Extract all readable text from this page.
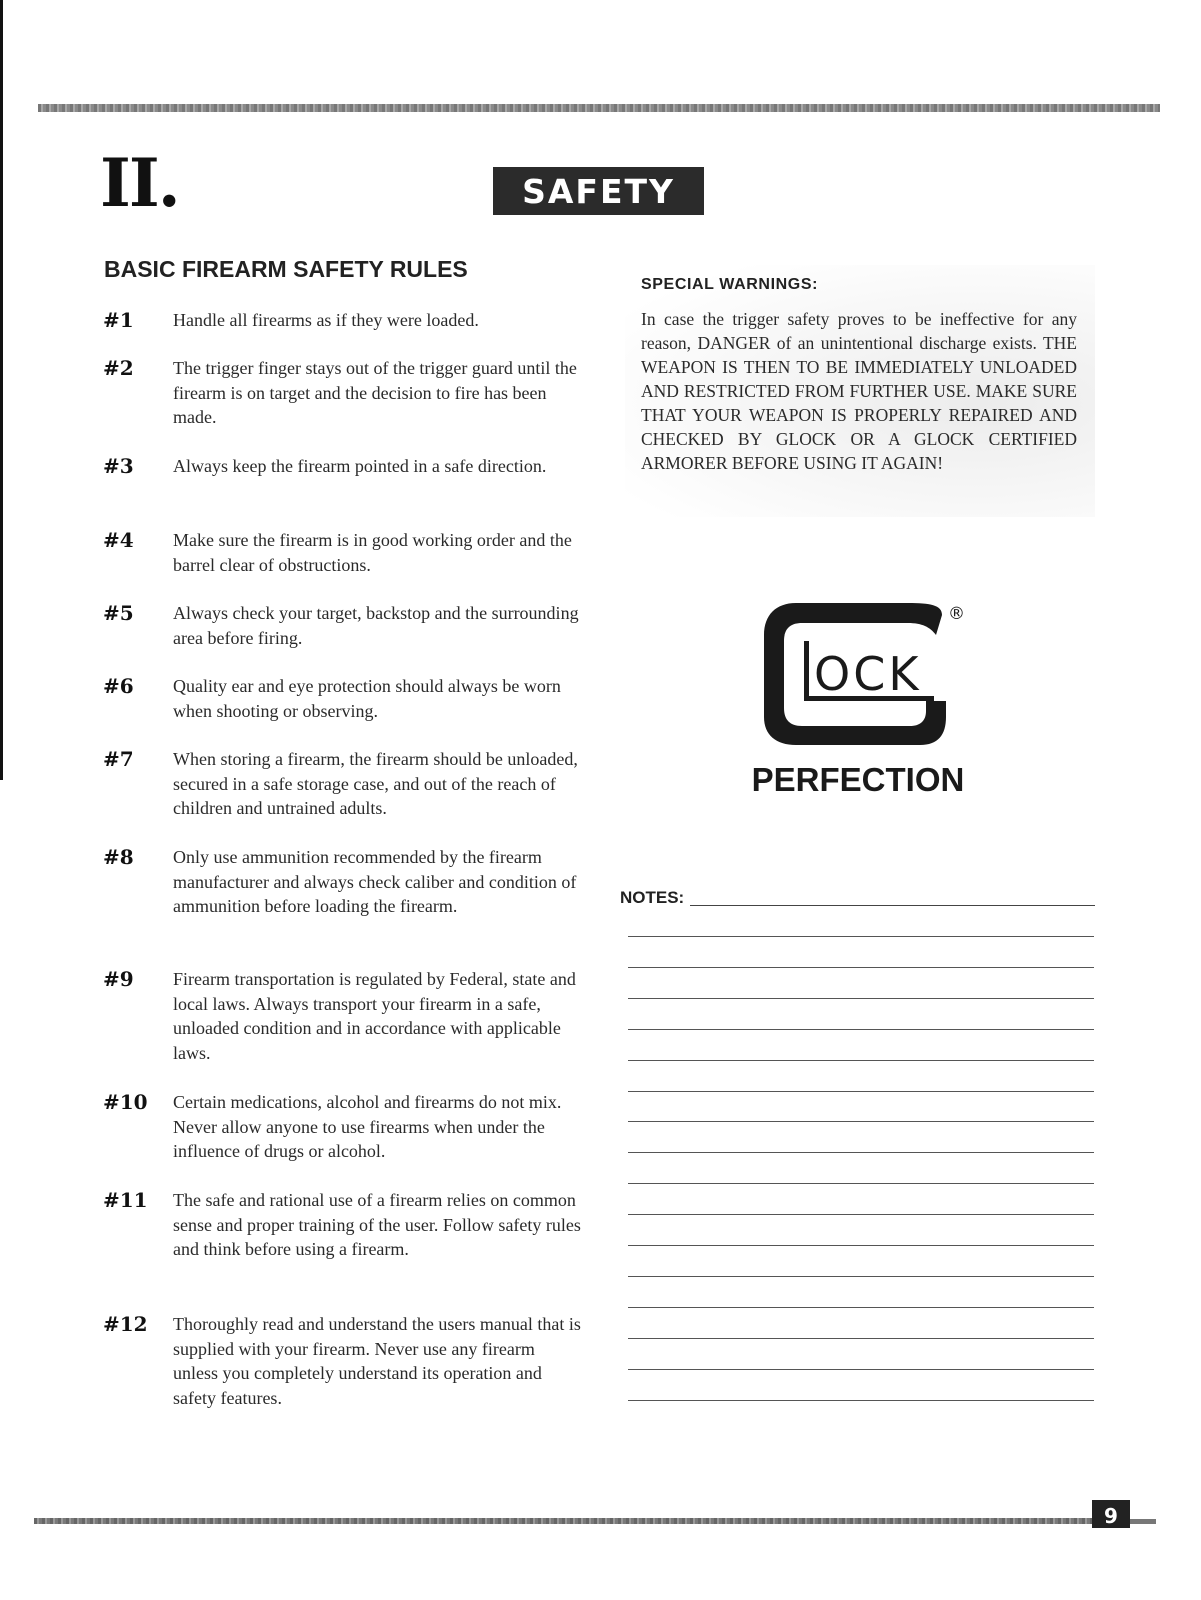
II.	SAFETY
BASIC FIREARM SAFETY RULES
#1 Handle all firearms as if they were loaded.
#2 The trigger finger stays out of the trigger guard until the firearm is on target and the decision to fire has been made.
#3 Always keep the firearm pointed in a safe direction.
#4 Make sure the firearm is in good working order and the barrel clear of obstructions.
#5 Always check your target, backstop and the surrounding area before firing.
#6 Quality ear and eye protection should always be worn when shooting or observing.
#7 When storing a firearm, the firearm should be unloaded, secured in a safe storage case, and out of the reach of children and untrained adults.
#8 Only use ammunition recommended by the firearm manufacturer and always check caliber and condition of ammunition before loading the firearm.
#9 Firearm transportation is regulated by Federal, state and local laws. Always transport your firearm in a safe, unloaded condition and in accordance with applicable laws.
#10 Certain medications, alcohol and firearms do not mix. Never allow anyone to use firearms when under the influence of drugs or alcohol.
#11 The safe and rational use of a firearm relies on common sense and proper training of the user. Follow safety rules and think before using a firearm.
#12 Thoroughly read and understand the users manual that is supplied with your firearm. Never use any firearm unless you completely understand its operation and safety features.
SPECIAL WARNINGS:

In case the trigger safety proves to be ineffective for any reason, DANGER of an unintentional discharge exists. THE WEAPON IS THEN TO BE IMMEDIATELY UNLOADED AND RESTRICTED FROM FURTHER USE. MAKE SURE THAT YOUR WEAPON IS PROPERLY REPAIRED AND CHECKED BY GLOCK OR A GLOCK CERTIFIED ARMORER BEFORE USING IT AGAIN!

OCK
®
PERFECTION
NOTES:
9
